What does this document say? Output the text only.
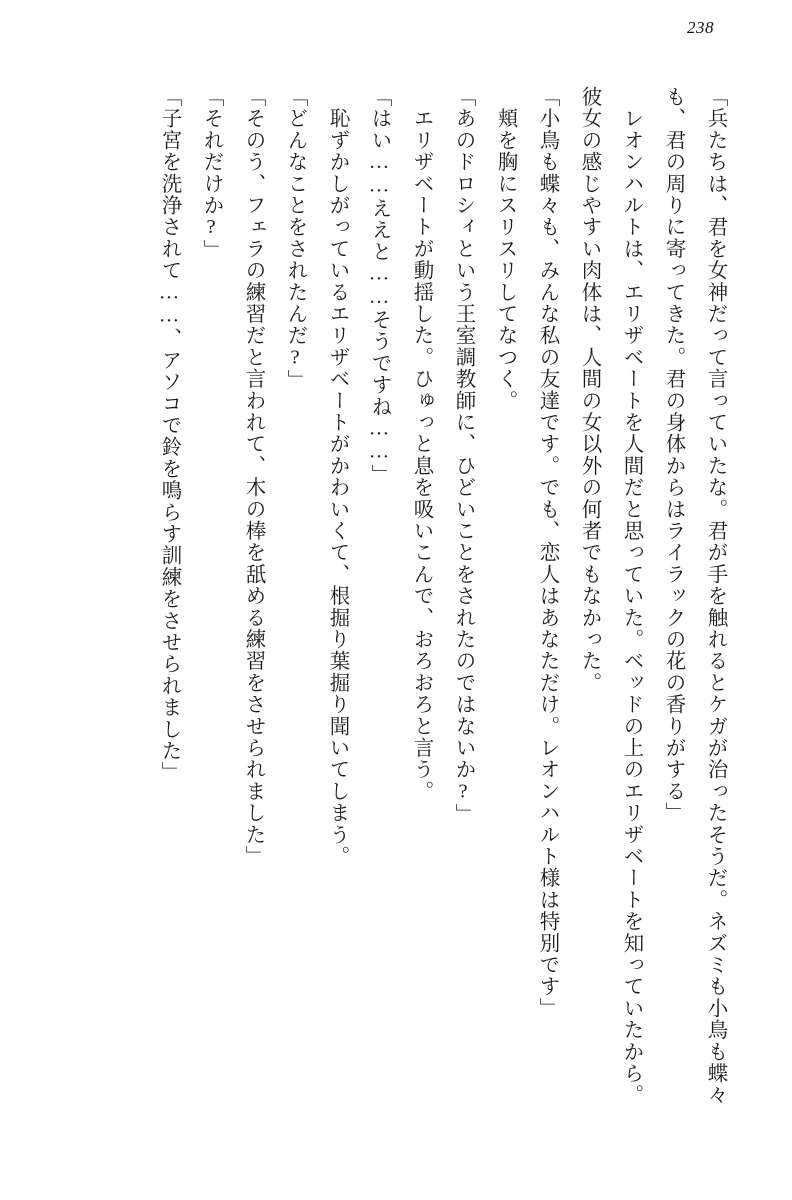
238
「兵たちは、君を女神だって言っていたな。君が手を触れるとケガが治ったそうだ。ネズミも小鳥も蝶々も、君の周りに寄ってきた。君の身体からはライラックの花の香りがする」
　レオンハルトは、エリザベートを人間だと思っていた。ベッドの上のエリザベートを知っていたから。彼女の感じやすい肉体は、人間の女以外の何者でもなかった。
「小鳥も蝶々も、みんな私の友達です。でも、恋人はあなただけ。レオンハルト様は特別です」
　頬を胸にスリスリしてなつく。
「あのドロシィという王室調教師に、ひどいことをされたのではないか?」
　エリザベートが動揺した。ひゅっと息を吸いこんで、おろおろと言う。
「はい……ええと……そうですね……」
　恥ずかしがっているエリザベートがかわいくて、根掘り葉掘り聞いてしまう。
「どんなことをされたんだ?」
「そのう、フェラの練習だと言われて、木の棒を舐める練習をさせられました」
「それだけか?」
「子宮を洗浄されて……、アソコで鈴を鳴らす訓練をさせられました」
